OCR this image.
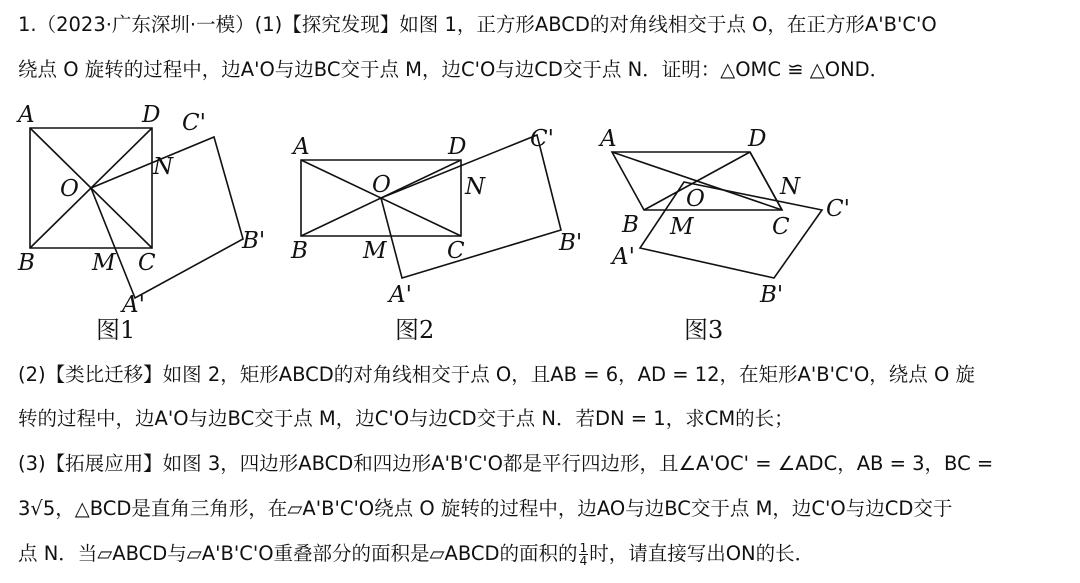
1.（2023·广东深圳·一模）(1)【探究发现】如图 1，正方形ABCD的对角线相交于点 O，在正方形A'B'C'O
绕点 O 旋转的过程中，边A'O与边BC交于点 M，边C'O与边CD交于点 N．证明：△OMC ≌ △OND．
A	D C'
N
O
B M C
B'
A'
图1
A	D	C'
O	N
B M	C	B'
A'
图2
A	D
O	N
C'
B M	C
A'
B'
图3
(2)【类比迁移】如图 2，矩形ABCD的对角线相交于点 O，且AB = 6，AD = 12，在矩形A'B'C'O，绕点 O 旋
转的过程中，边A'O与边BC交于点 M，边C'O与边CD交于点 N．若DN = 1，求CM的长；
(3)【拓展应用】如图 3，四边形ABCD和四边形A'B'C'O都是平行四边形，且∠A'OC' = ∠ADC，AB = 3，BC =
3√5，△BCD是直角三角形，在▱A'B'C'O绕点 O 旋转的过程中，边AO与边BC交于点 M，边C'O与边CD交于
点 N．当▱ABCD与▱A'B'C'O重叠部分的面积是▱ABCD的面积的 $\frac{1}{4}$ 时，请直接写出ON的长．
